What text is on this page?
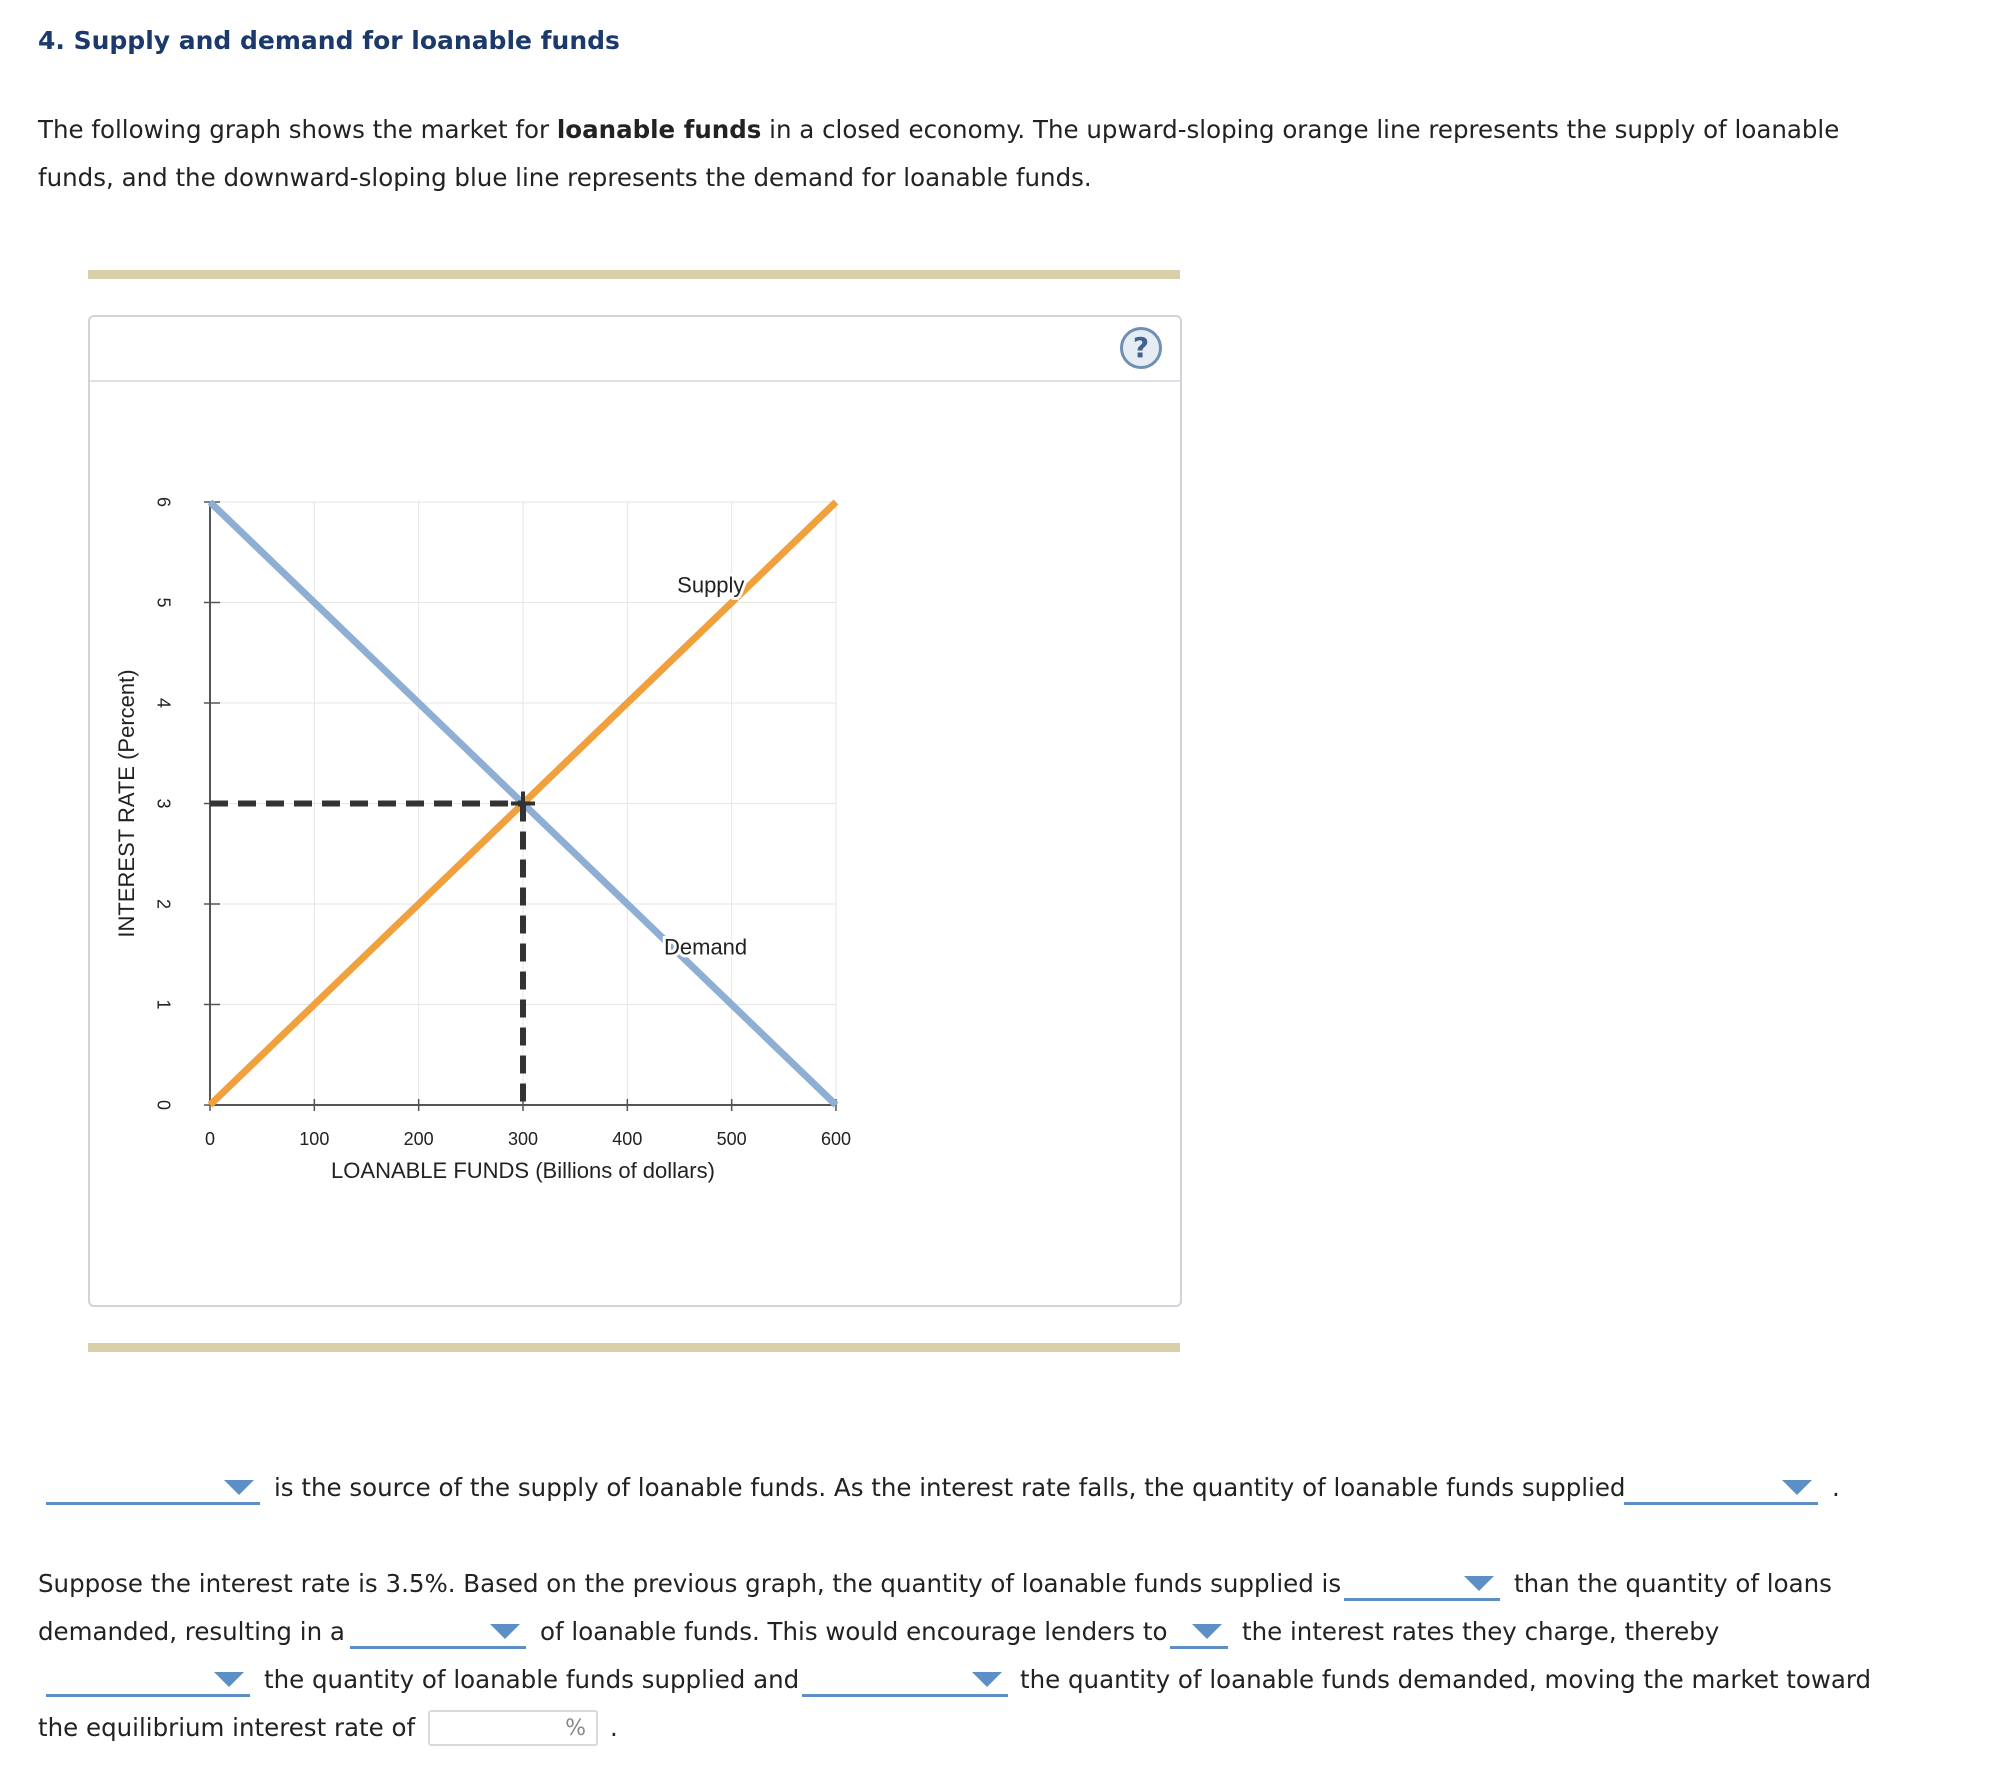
4. Supply and demand for loanable funds
The following graph shows the market for loanable funds in a closed economy. The upward-sloping orange line represents the supply of loanable funds, and the downward-sloping blue line represents the demand for loanable funds.
?
0	100	200	300	400	500	600
0
1
2
3
4
5
6
LOANABLE FUNDS (Billions of dollars)
INTEREST RATE (Percent)
Supply
Demand
is the source of the supply of loanable funds. As the interest rate falls, the quantity of loanable funds supplied	.
Suppose the interest rate is 3.5%. Based on the previous graph, the quantity of loanable funds supplied is	than the quantity of loans
demanded, resulting in a	of loanable funds. This would encourage lenders to	the interest rates they charge, thereby
the quantity of loanable funds supplied and	the quantity of loanable funds demanded, moving the market toward
the equilibrium interest rate of	% .
